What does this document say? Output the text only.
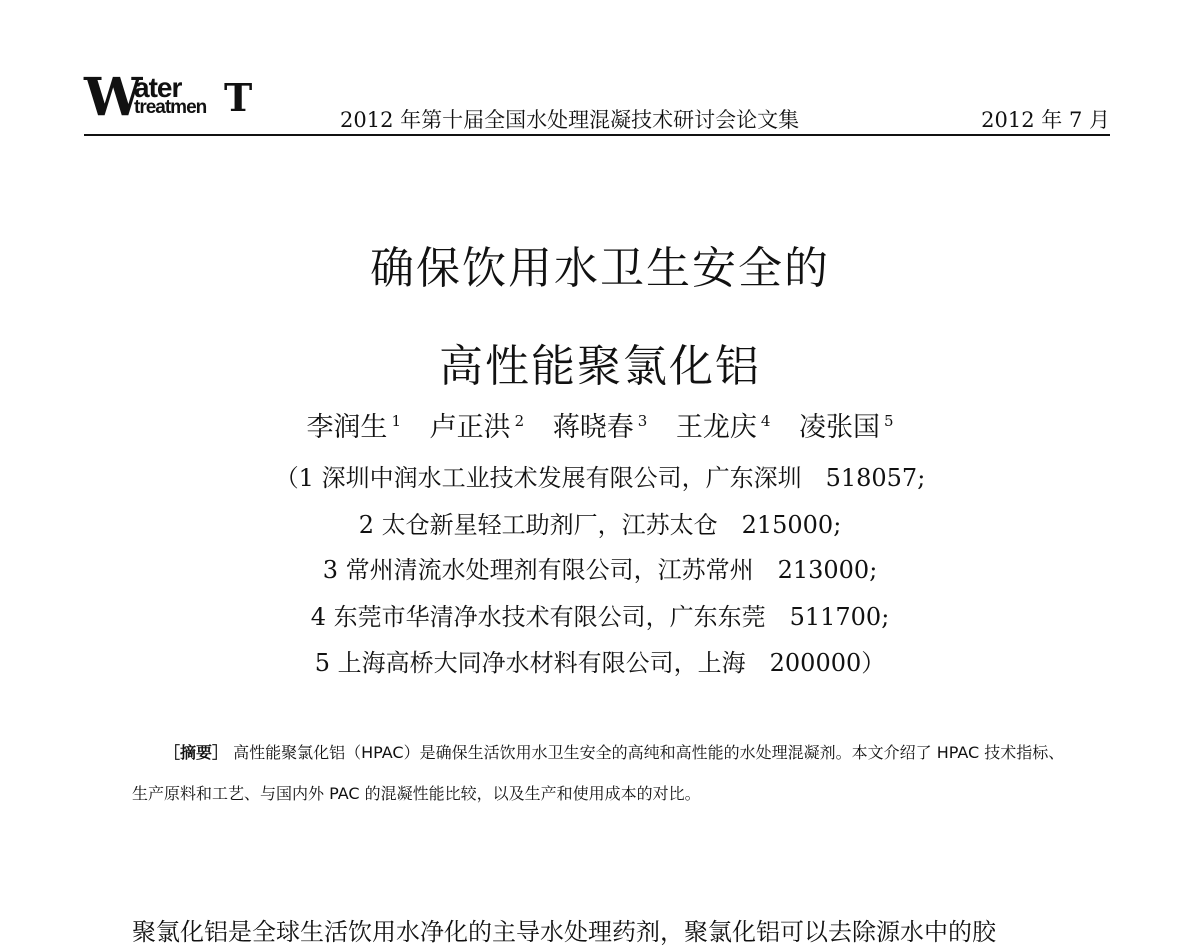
W
ater
treatmen T	2012 年第十届全国水处理混凝技术研讨会论文集	2012 年 7 月
确保饮用水卫生安全的
高性能聚氯化铝
李润生 $^1$ 卢正洪 $^2$ 蒋晓春 $^3$ 王龙庆 $^4$ 凌张国 $^5$
（1 深圳中润水工业技术发展有限公司，广东深圳　518057;
2 太仓新星轻工助剂厂，江苏太仓　215000;
3 常州清流水处理剂有限公司，江苏常州　213000;
4 东莞市华清净水技术有限公司，广东东莞　511700;
5 上海高桥大同净水材料有限公司，上海　200000）
［摘要］ 高性能聚氯化铝（HPAC）是确保生活饮用水卫生安全的高纯和高性能的水处理混凝剂。本文介绍了 HPAC 技术指标、生产原料和工艺、与国内外 PAC 的混凝性能比较，以及生产和使用成本的对比。
聚氯化铝是全球生活饮用水净化的主导水处理药剂，聚氯化铝可以去除源水中的胶
